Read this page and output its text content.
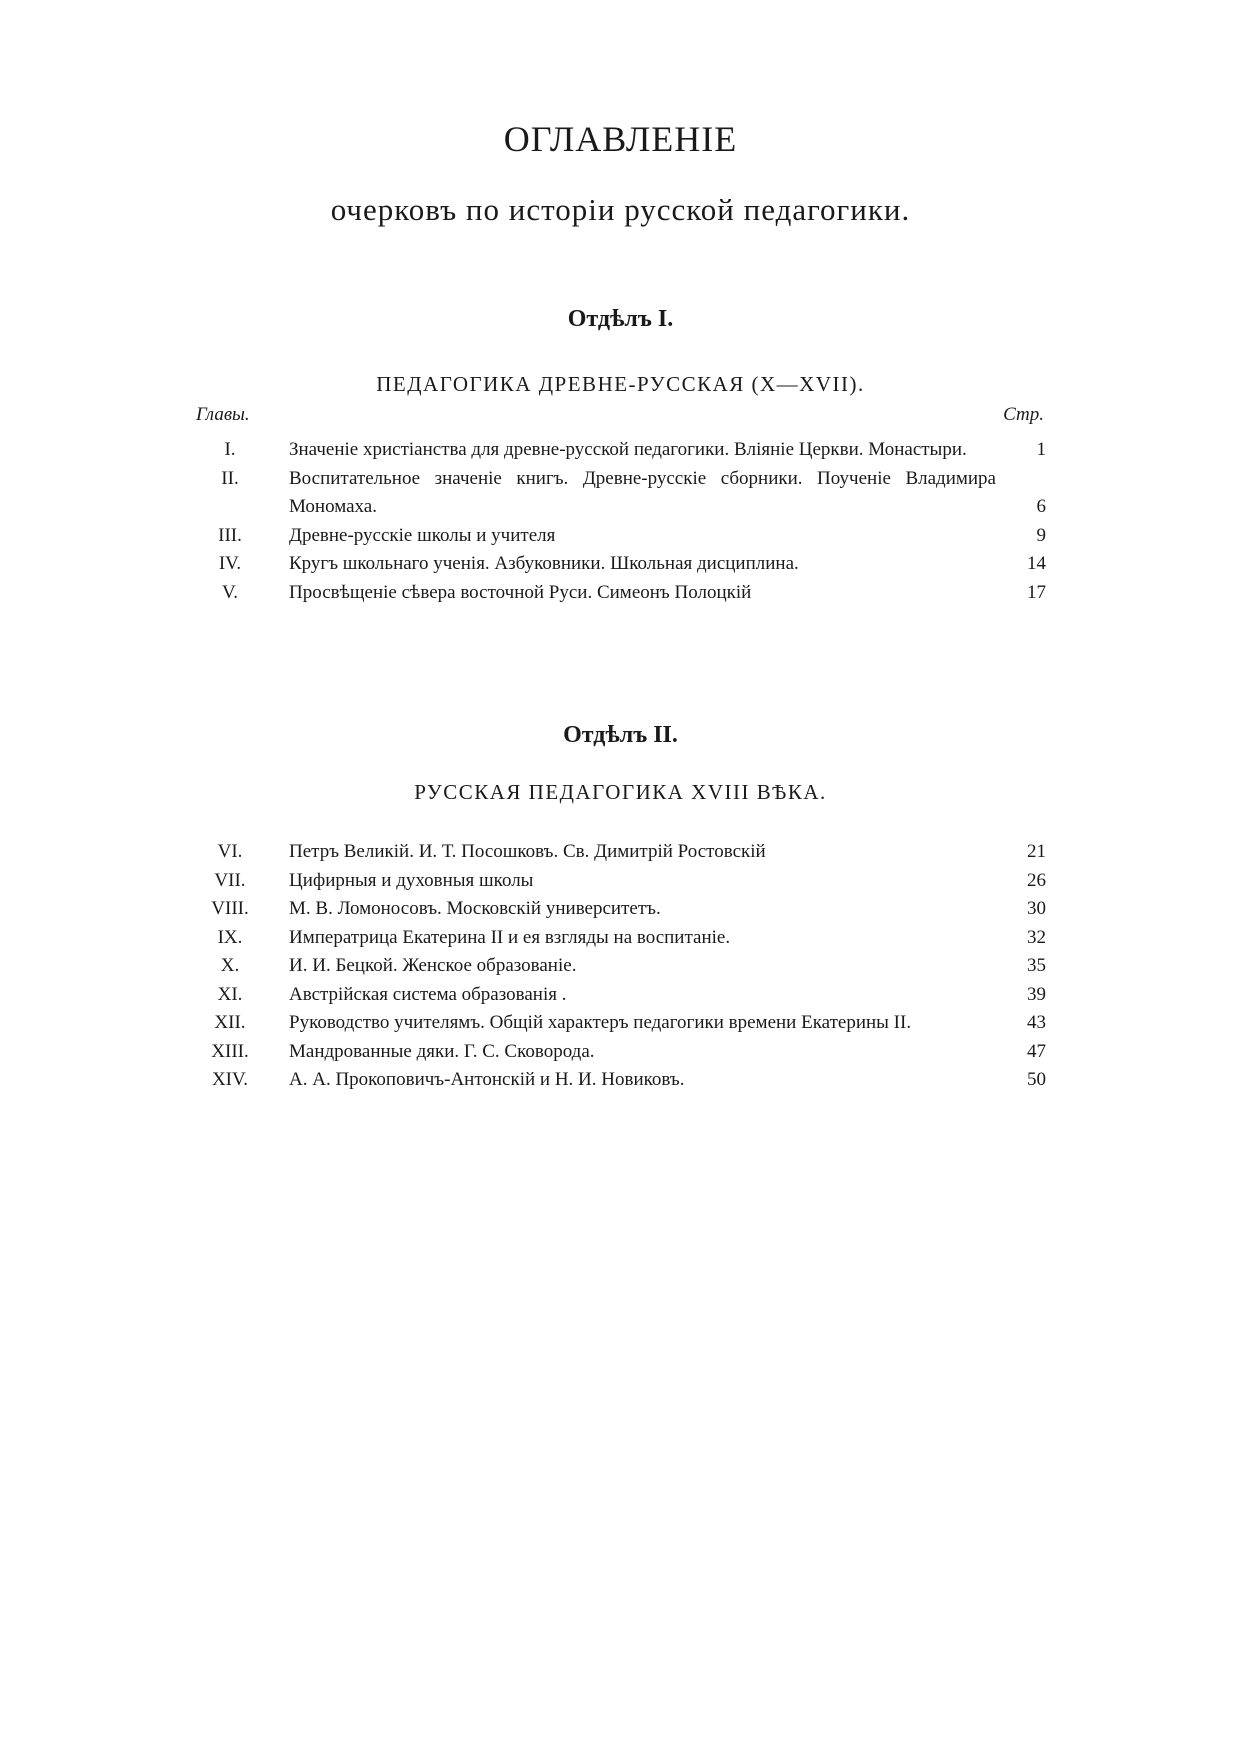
ОГЛАВЛЕНІЕ
очерковъ по исторіи русской педагогики.
Отдѣлъ I.
ПЕДАГОГИКА ДРЕВНЕ-РУССКАЯ (X—XVII).
Главы.	Стр.
I.	Значеніе христіанства для древне-русской педагогики. Вліяніе Церкви. Монастыри.	1
II.	Воспитательное значеніе книгъ. Древне-русскіе сборники. Поученіе Владимира Мономаха.	6
III.	Древне-русскіе школы и учителя	9
IV.	Кругъ школьнаго ученія. Азбуковники. Школьная дисциплина.	14
V.	Просвѣщеніе сѣвера восточной Руси. Симеонъ Полоцкій	17
Отдѣлъ II.
РУССКАЯ ПЕДАГОГИКА XVIII ВѢКА.
VI.	Петръ Великій. И. Т. Посошковъ. Св. Димитрій Ростовскій	21
VII.	Цифирныя и духовныя школы	26
VIII.	М. В. Ломоносовъ. Московскій университетъ.	30
IX.	Императрица Екатерина II и ея взгляды на воспитаніе.	32
X.	И. И. Бецкой. Женское образованіе.	35
XI.	Австрійская система образованія .	39
XII.	Руководство учителямъ. Общій характеръ педагогики времени Екатерины II.	43
XIII.	Мандрованные дяки. Г. С. Сковорода.	47
XIV.	А. А. Прокоповичъ-Антонскій и Н. И. Новиковъ.	50
